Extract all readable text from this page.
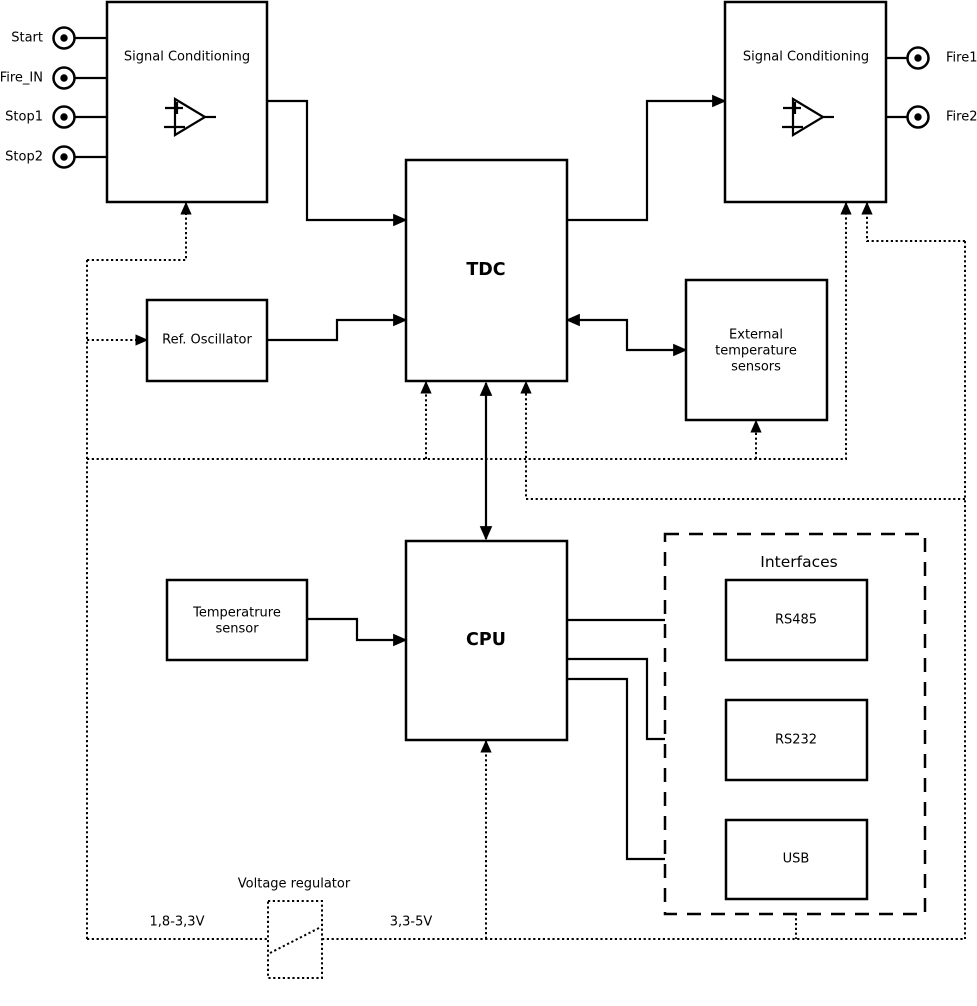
Interfaces
Signal Conditioning	Signal Conditioning
TDC
Ref. Oscillator	External
temperature
sensors
CPU
Temperatrure
sensor
RS485
RS232
USB
Voltage regulator
1,8-3,3V	3,3-5V
Start
Fire_IN
Stop1
Stop2
Fire1
Fire2
